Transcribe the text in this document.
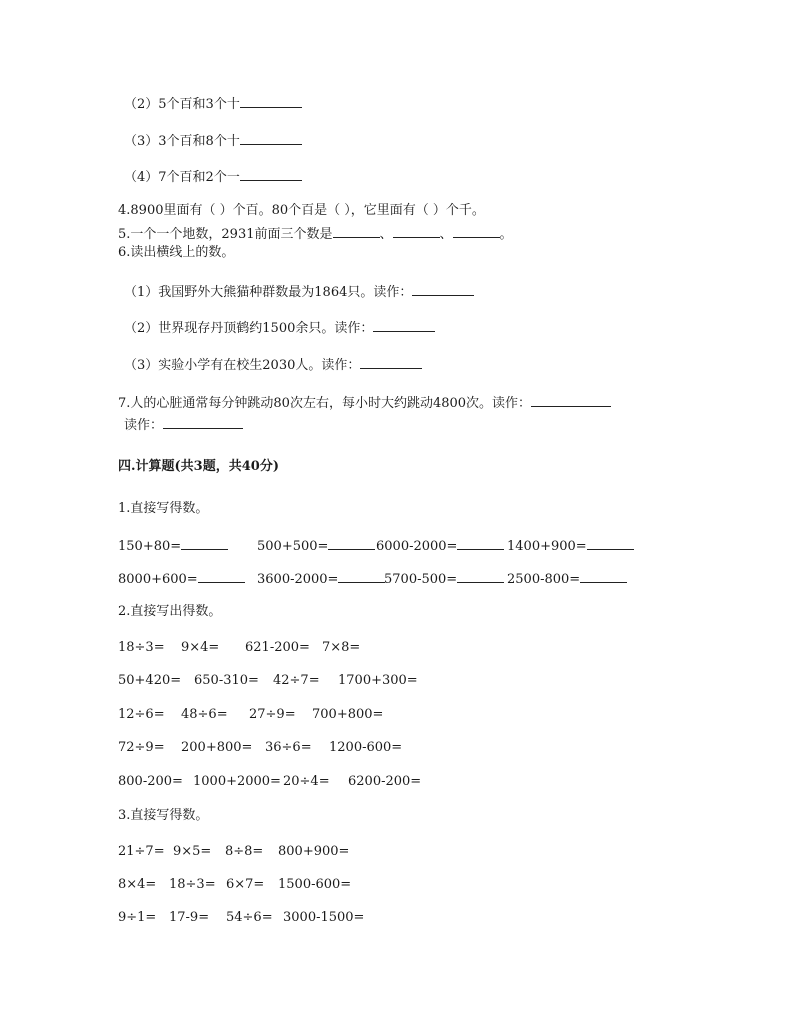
（2）5个百和3个十
（3）3个百和8个十
（4）7个百和2个一
4.8900里面有（ ）个百。80个百是（ ），它里面有（ ）个千。
5.一个一个地数，2931前面三个数是	、	、	。
6.读出横线上的数。
（1）我国野外大熊猫种群数最为1864只。读作：
（2）世界现存丹顶鹤约1500余只。读作：
（3）实验小学有在校生2030人。读作：
7.人的心脏通常每分钟跳动80次左右，每小时大约跳动4800次。读作：
读作：
四.计算题(共3题，共40分)
1.直接写得数。
150+80=	500+500=	6000-2000=	1400+900=
8000+600=	3600-2000=	5700-500=	2500-800=
2.直接写出得数。
18÷3= 9×4= 621-200= 7×8=
50+420= 650-310= 42÷7= 1700+300=
12÷6= 48÷6= 27÷9= 700+800=
72÷9= 200+800= 36÷6= 1200-600=
800-200= 1000+2000= 20÷4= 6200-200=
3.直接写得数。
21÷7= 9×5= 8÷8= 800+900=
8×4= 18÷3= 6×7= 1500-600=
9÷1= 17-9= 54÷6= 3000-1500=
